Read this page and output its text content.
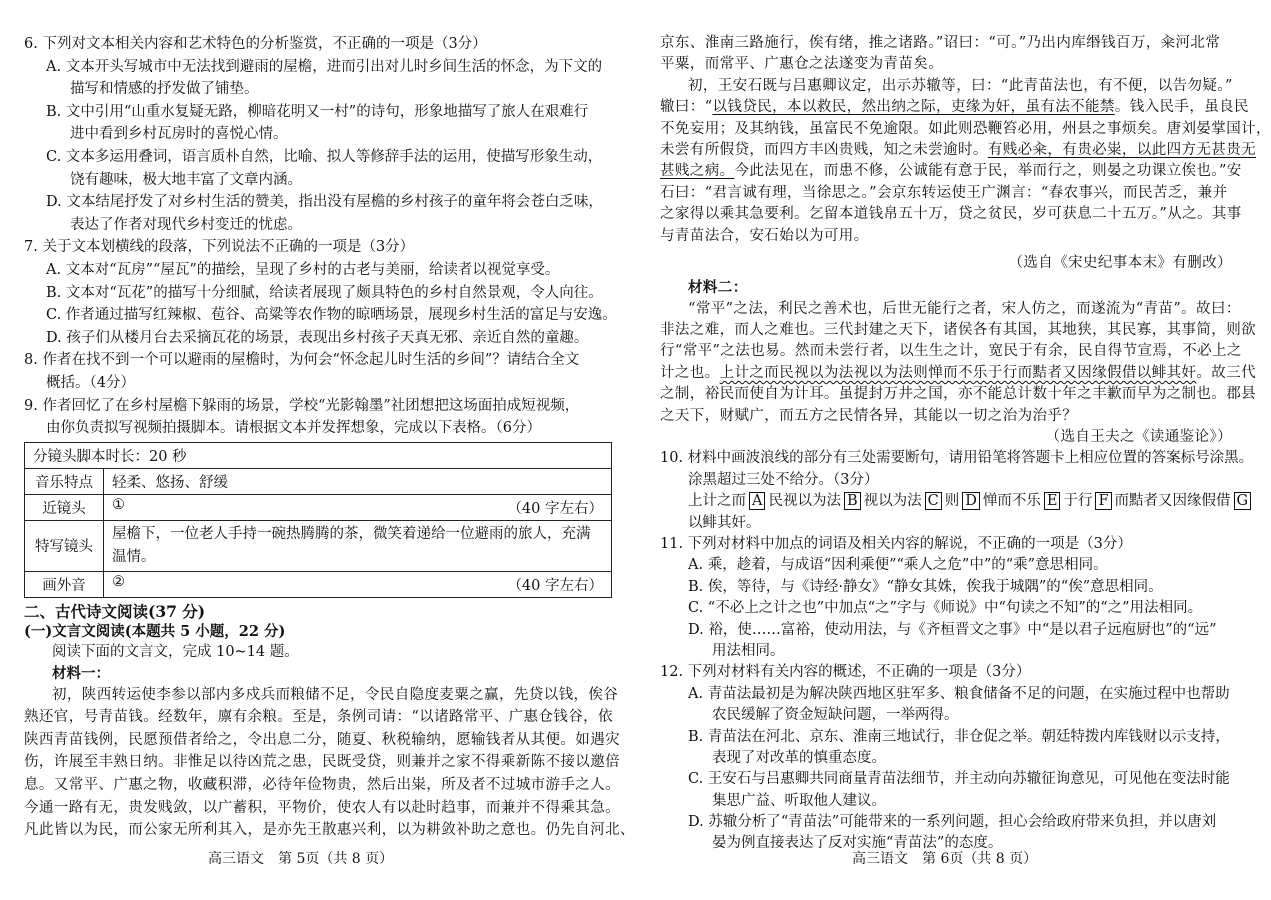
6. 下列对文本相关内容和艺术特色的分析鉴赏，不正确的一项是（3分）
A. 文本开头写城市中无法找到避雨的屋檐，进而引出对儿时乡间生活的怀念，为下文的
描写和情感的抒发做了铺垫。
B. 文中引用“山重水复疑无路，柳暗花明又一村”的诗句，形象地描写了旅人在艰难行
进中看到乡村瓦房时的喜悦心情。
C. 文本多运用叠词，语言质朴自然，比喻、拟人等修辞手法的运用，使描写形象生动，
饶有趣味，极大地丰富了文章内涵。
D. 文本结尾抒发了对乡村生活的赞美，指出没有屋檐的乡村孩子的童年将会苍白乏味，
表达了作者对现代乡村变迁的忧虑。
7. 关于文本划横线的段落，下列说法不正确的一项是（3分）
A. 文本对“瓦房”“屋瓦”的描绘，呈现了乡村的古老与美丽，给读者以视觉享受。
B. 文本对“瓦花”的描写十分细腻，给读者展现了颇具特色的乡村自然景观，令人向往。
C. 作者通过描写红辣椒、苞谷、高粱等农作物的晾晒场景，展现乡村生活的富足与安逸。
D. 孩子们从楼月台去采摘瓦花的场景，表现出乡村孩子天真无邪、亲近自然的童趣。
8. 作者在找不到一个可以避雨的屋檐时，为何会“怀念起儿时生活的乡间”？请结合全文
概括。（4分）
9. 作者回忆了在乡村屋檐下躲雨的场景，学校“光影翰墨”社团想把这场面拍成短视频，
由你负责拟写视频拍摄脚本。请根据文本并发挥想象，完成以下表格。（6分）
分镜头脚本时长：20 秒	
音乐特点	轻柔、悠扬、舒缓
近镜头	① （40 字左右）

特写镜头	屋檐下，一位老人手持一碗热腾腾的茶，微笑着递给一位避雨的旅人，充满温情。
画外音	② （40 字左右）
二、古代诗文阅读(37 分)
(一)文言文阅读(本题共 5 小题，22 分)
阅读下面的文言文，完成 10~14 题。
材料一：
初，陕西转运使李参以部内多戍兵而粮储不足，令民自隐度麦粟之赢，先贷以钱，俟谷
熟还官，号青苗钱。经数年，廪有余粮。至是，条例司请：“以诸路常平、广惠仓钱谷，依
陕西青苗钱例，民愿预借者给之，令出息二分，随夏、秋税输纳，愿输钱者从其便。如遇灾
伤，许展至丰熟日纳。非惟足以待凶荒之患，民既受贷，则兼并之家不得乘新陈不接以邀倍
息。又常平、广惠之物，收藏积滞，必待年俭物贵，然后出粜，所及者不过城市游手之人。
今通一路有无，贵发贱敛，以广蓄积，平物价，使农人有以赴时趋事，而兼并不得乘其急。
凡此皆以为民，而公家无所利其入，是亦先王散惠兴利，以为耕敛补助之意也。仍先自河北、
高三语文　第 5页（共 8 页）
京东、淮南三路施行，俟有绪，推之诸路。”诏曰：“可。”乃出内库缗钱百万，籴河北常
平粟，而常平、广惠仓之法遂变为青苗矣。
初，王安石既与吕惠卿议定，出示苏辙等，曰：“此青苗法也，有不便，以告勿疑。”
辙曰：“以钱贷民，本以救民，然出纳之际，吏缘为奸，虽有法不能禁。钱入民手，虽良民
不免妄用；及其纳钱，虽富民不免逾限。如此则恐鞭笞必用，州县之事烦矣。唐刘晏掌国计，
未尝有所假贷，而四方丰凶贵贱，知之未尝逾时。有贱必籴，有贵必粜，以此四方无甚贵无
甚贱之病。今此法见在，而患不修，公诚能有意于民，举而行之，则晏之功课立俟也。”安
石曰：“君言诚有理，当徐思之。”会京东转运使王广渊言：“春农事兴，而民苦乏，兼并
之家得以乘其急要利。乞留本道钱帛五十万，贷之贫民，岁可获息二十五万。”从之。其事
与青苗法合，安石始以为可用。
（选自《宋史纪事本末》有删改）
材料二：
“常平”之法，利民之善术也，后世无能行之者，宋人仿之，而遂流为“青苗”。故曰：
非法之难，而人之难也。三代封建之天下，诸侯各有其国，其地狭，其民寡，其事简，则欲
行“常平”之法也易。然而未尝行者，以生生之计，宽民于有余，民自得节宣焉，不必上之
计之也。上计之而民视以为法视以为法则惮而不乐于行而黠者又因缘假借以鲱其奸。故三代
之制，裕民而使自为计耳。虽提封万井之国，亦不能总计数十年之丰歉而早为之制也。郡县
之天下，财赋广，而五方之民情各异，其能以一切之治为治乎？
（选自王夫之《读通鉴论》）
10. 材料中画波浪线的部分有三处需要断句，请用铅笔将答题卡上相应位置的答案标号涂黑。
涂黑超过三处不给分。（3分）
上计之而 A 民视以为法 B 视以为法 C 则 D 惮而不乐 E 于行 F 而黠者又因缘假借 G
以鲱其奸。
11. 下列对材料中加点的词语及相关内容的解说，不正确的一项是（3分）
A. 乘，趁着，与成语“因利乘便”“乘人之危”中”的“乘”意思相同。
B. 俟，等待，与《诗经·静女》“静女其姝，俟我于城隅”的“俟”意思相同。
C. “不必上之计之也”中加点“之”字与《师说》中“句读之不知”的“之”用法相同。
D. 裕，使……富裕，使动用法，与《齐桓晋文之事》中“是以君子远庖厨也”的“远”
用法相同。
12. 下列对材料有关内容的概述，不正确的一项是（3分）
A. 青苗法最初是为解决陕西地区驻军多、粮食储备不足的问题，在实施过程中也帮助
农民缓解了资金短缺问题，一举两得。
B. 青苗法在河北、京东、淮南三地试行，非仓促之举。朝廷特拨内库钱财以示支持，
表现了对改革的慎重态度。
C. 王安石与吕惠卿共同商量青苗法细节，并主动向苏辙征询意见，可见他在变法时能
集思广益、听取他人建议。
D. 苏辙分析了“青苗法”可能带来的一系列问题，担心会给政府带来负担，并以唐刘
晏为例直接表达了反对实施“青苗法”的态度。
高三语文　第 6页（共 8 页）
